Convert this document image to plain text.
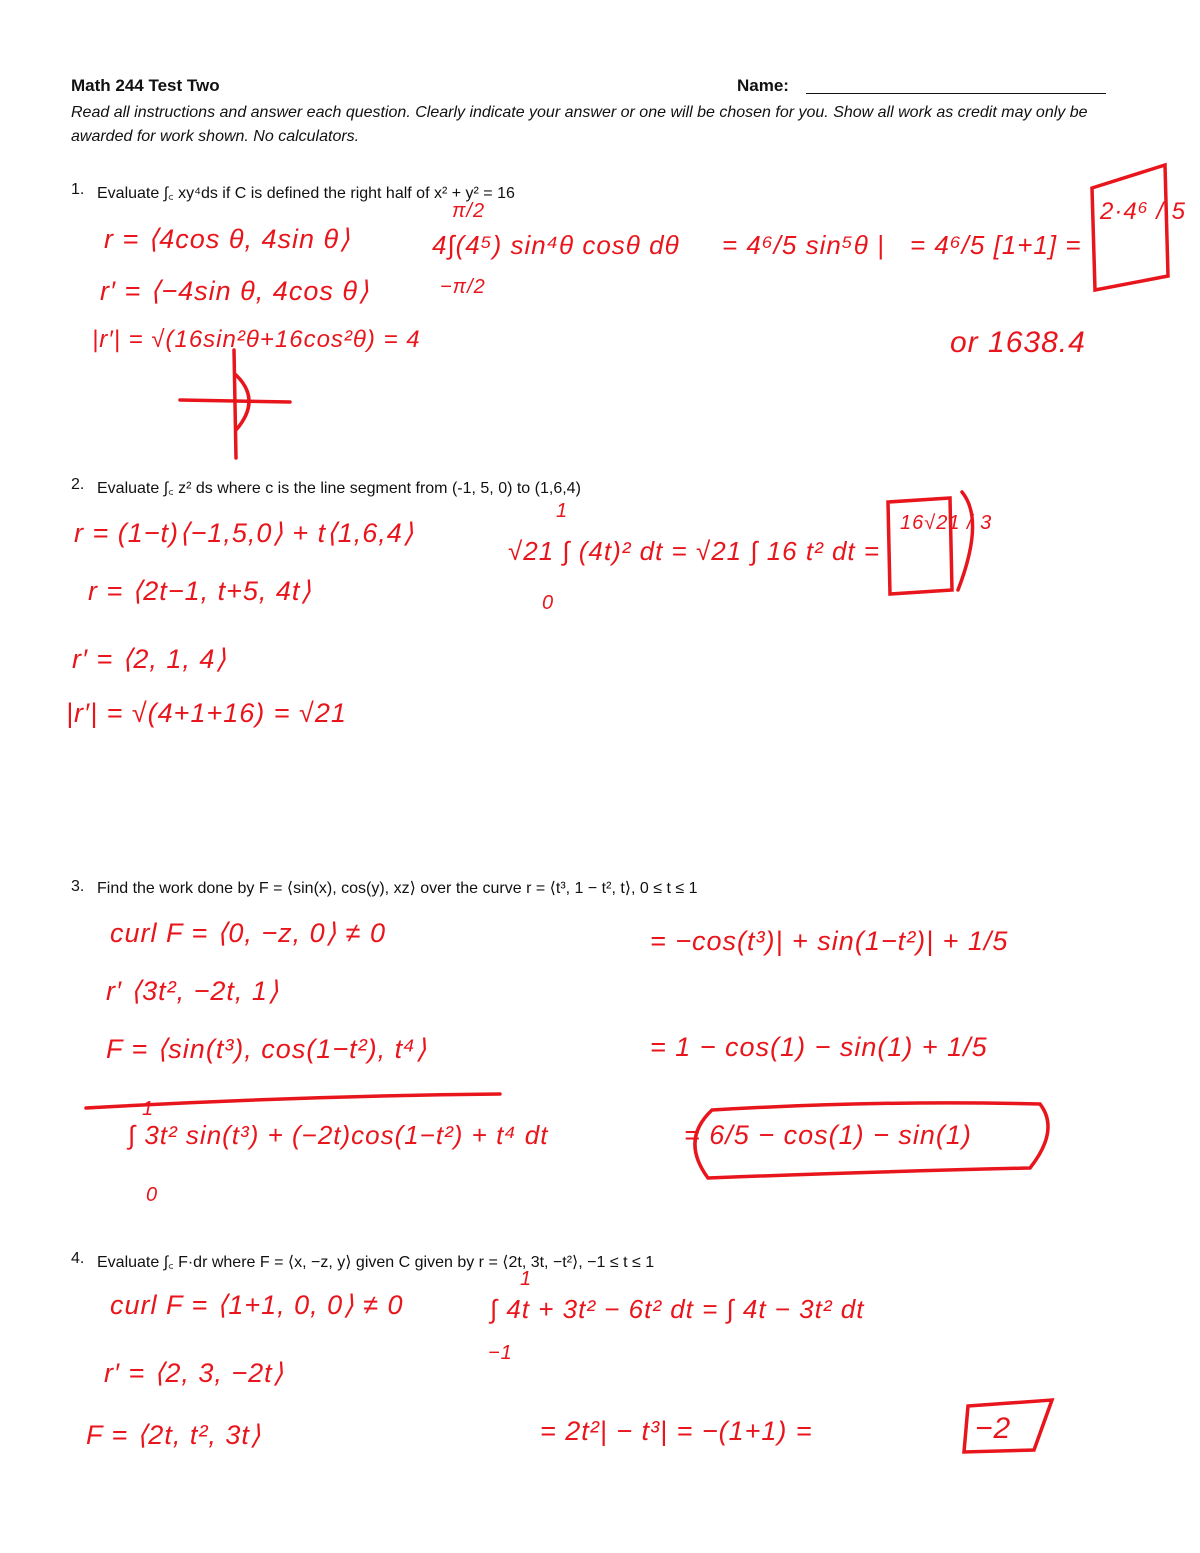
Math 244 Test Two	Name:
Read all instructions and answer each question. Clearly indicate your answer or one will be chosen for you. Show all work as credit may only be awarded for work shown. No calculators.
1. Evaluate ∫꜀ xy⁴ds if C is defined the right half of x² + y² = 16
r = ⟨4cos θ, 4sin θ⟩
r′ = ⟨−4sin θ, 4cos θ⟩
|r′| = √(16sin²θ+16cos²θ) = 4
π/2
4∫(4⁵) sin⁴θ cosθ dθ
−π/2
= 4⁶/5 sin⁵θ | = 4⁶/5 [1+1] =
2·4⁶ / 5
or 1638.4
2. Evaluate ∫꜀ z² ds where c is the line segment from (-1, 5, 0) to (1,6,4)
r = (1−t)⟨−1,5,0⟩ + t⟨1,6,4⟩
r = ⟨2t−1, t+5, 4t⟩
r′ = ⟨2, 1, 4⟩
|r′| = √(4+1+16) = √21
1
√21 ∫ (4t)² dt = √21 ∫ 16 t² dt =
0
16√21 / 3
3. Find the work done by F = ⟨sin(x), cos(y), xz⟩ over the curve r = ⟨t³, 1 − t², t⟩, 0 ≤ t ≤ 1
curl F = ⟨0, −z, 0⟩ ≠ 0
r′ ⟨3t², −2t, 1⟩
F = ⟨sin(t³), cos(1−t²), t⁴⟩
1
∫ 3t² sin(t³) + (−2t)cos(1−t²) + t⁴ dt
0
= −cos(t³)| + sin(1−t²)| + 1/5
= 1 − cos(1) − sin(1) + 1/5
= 6/5 − cos(1) − sin(1)
4. Evaluate ∫꜀ F·dr where F = ⟨x, −z, y⟩ given C given by r = ⟨2t, 3t, −t²⟩, −1 ≤ t ≤ 1
curl F = ⟨1+1, 0, 0⟩ ≠ 0
r′ = ⟨2, 3, −2t⟩
F = ⟨2t, t², 3t⟩
1
∫ 4t + 3t² − 6t² dt = ∫ 4t − 3t² dt
−1
= 2t²| − t³| = −(1+1) =	−2
